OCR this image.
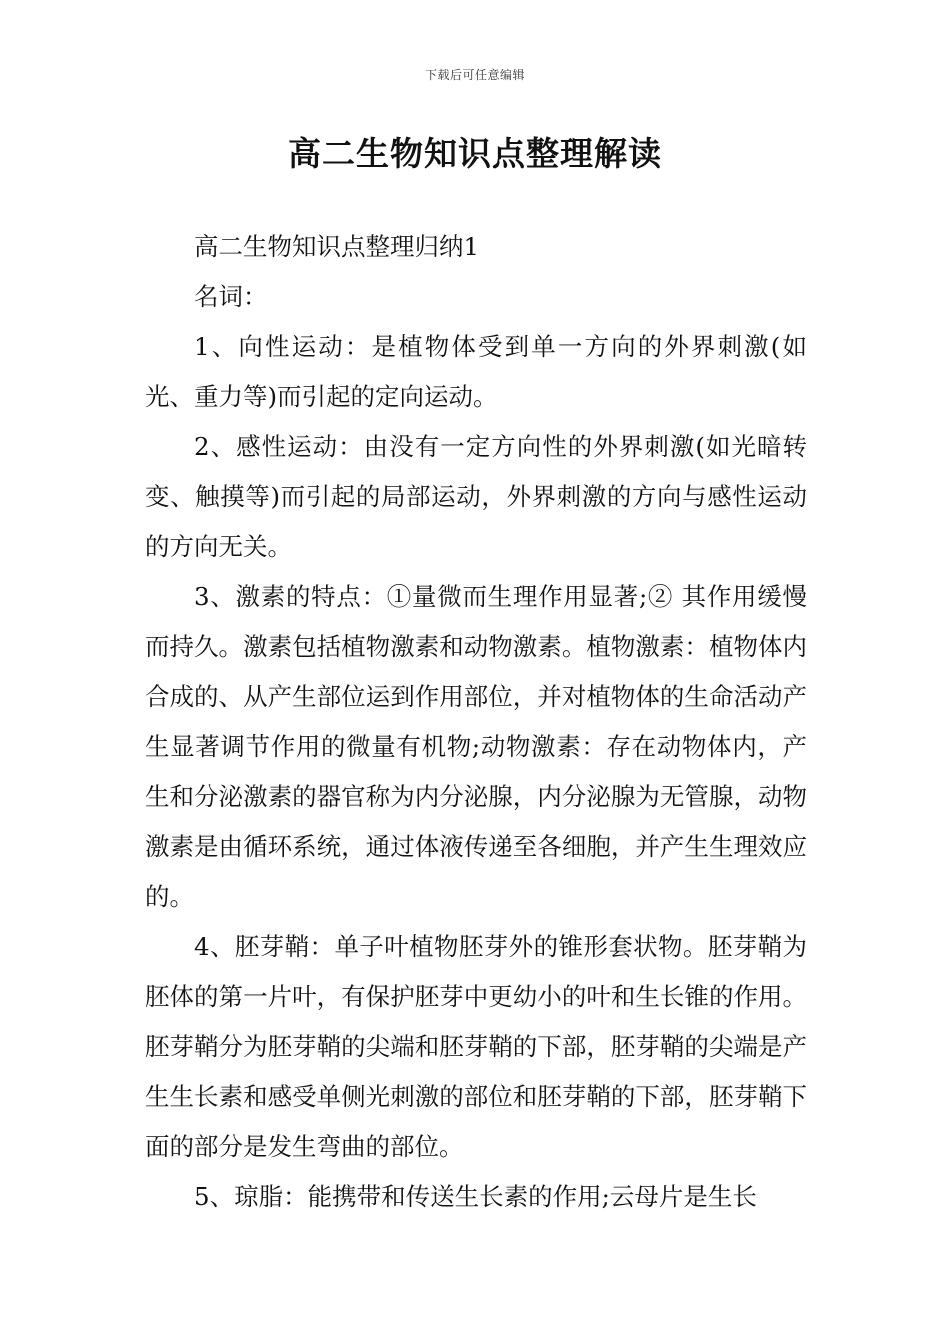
下载后可任意编辑
高二生物知识点整理解读

高二生物知识点整理归纳1

名词：

1、向性运动：是植物体受到单一方向的外界刺激(如光、重力等)而引起的定向运动。

2、感性运动：由没有一定方向性的外界刺激(如光暗转变、触摸等)而引起的局部运动，外界刺激的方向与感性运动的方向无关。

3、激素的特点：①量微而生理作用显著;② 其作用缓慢而持久。激素包括植物激素和动物激素。植物激素：植物体内合成的、从产生部位运到作用部位，并对植物体的生命活动产生显著调节作用的微量有机物;动物激素：存在动物体内，产生和分泌激素的器官称为内分泌腺，内分泌腺为无管腺，动物激素是由循环系统，通过体液传递至各细胞，并产生生理效应的。

4、胚芽鞘：单子叶植物胚芽外的锥形套状物。胚芽鞘为胚体的第一片叶，有保护胚芽中更幼小的叶和生长锥的作用。胚芽鞘分为胚芽鞘的尖端和胚芽鞘的下部，胚芽鞘的尖端是产生生长素和感受单侧光刺激的部位和胚芽鞘的下部，胚芽鞘下面的部分是发生弯曲的部位。

5、琼脂：能携带和传送生长素的作用;云母片是生长
